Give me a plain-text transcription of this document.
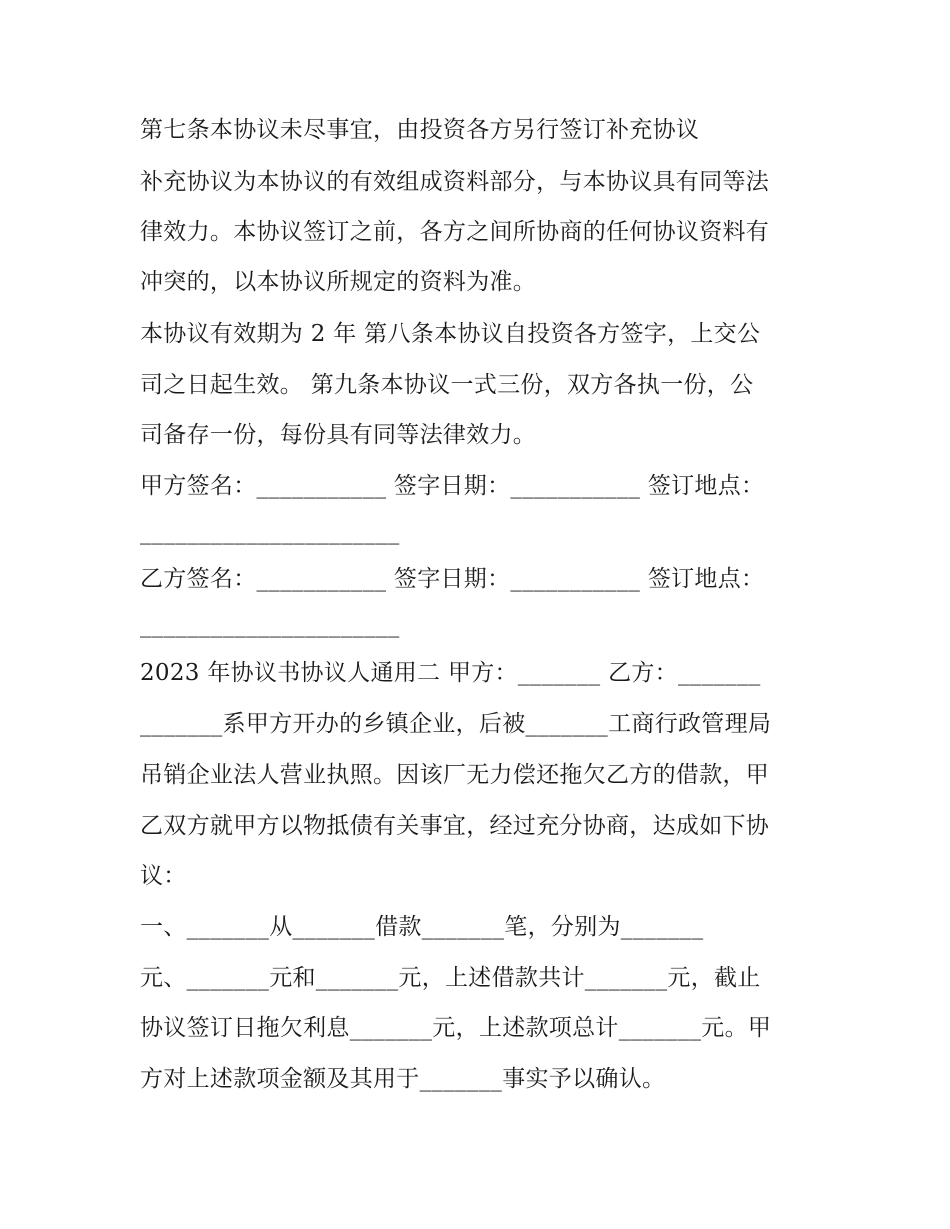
第七条本协议未尽事宜，由投资各方另行签订补充协议
补充协议为本协议的有效组成资料部分，与本协议具有同等法
律效力。本协议签订之前，各方之间所协商的任何协议资料有
冲突的，以本协议所规定的资料为准。
本协议有效期为 2 年 第八条本协议自投资各方签字，上交公
司之日起生效。 第九条本协议一式三份，双方各执一份，公
司备存一份，每份具有同等法律效力。
甲方签名：___________ 签字日期：___________ 签订地点：
______________________
乙方签名：___________ 签字日期：___________ 签订地点：
______________________
2023 年协议书协议人通用二 甲方：_______ 乙方：_______
_______系甲方开办的乡镇企业，后被_______工商行政管理局
吊销企业法人营业执照。因该厂无力偿还拖欠乙方的借款，甲
乙双方就甲方以物抵债有关事宜，经过充分协商，达成如下协
议：
一、_______从_______借款_______笔，分别为_______
元、_______元和_______元，上述借款共计_______元，截止
协议签订日拖欠利息_______元，上述款项总计_______元。甲
方对上述款项金额及其用于_______事实予以确认。
